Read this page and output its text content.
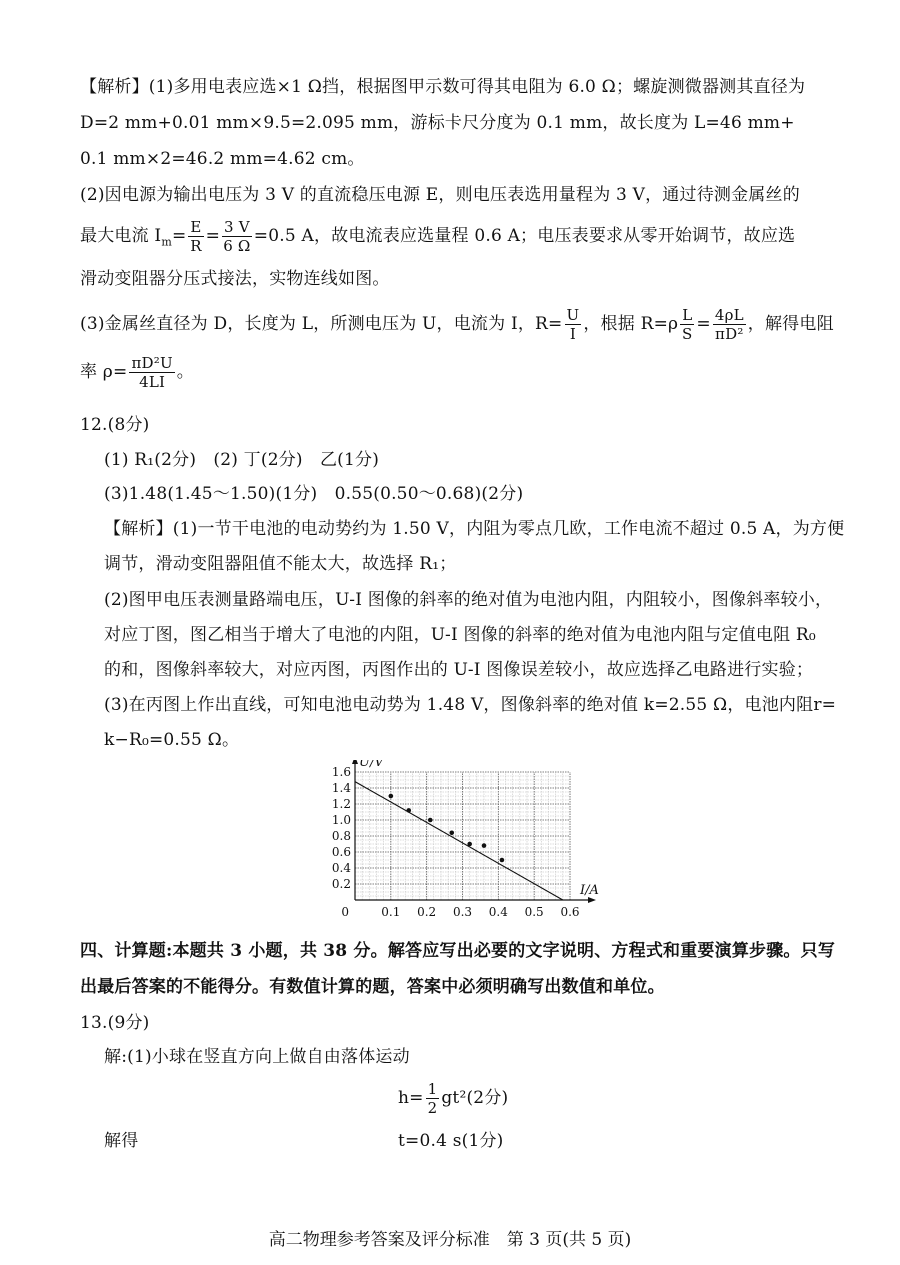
【解析】(1)多用电表应选×1 Ω挡，根据图甲示数可得其电阻为 6.0 Ω；螺旋测微器测其直径为
D=2 mm+0.01 mm×9.5=2.095 mm，游标卡尺分度为 0.1 mm，故长度为 L=46 mm+
0.1 mm×2=46.2 mm=4.62 cm。
(2)因电源为输出电压为 3 V 的直流稳压电源 E，则电压表选用量程为 3 V，通过待测金属丝的
最大电流 $I_m= \frac{E}{R} = \frac{3 V}{6 \Omega} =0.5$ A，故电流表应选量程 0.6 A；电压表要求从零开始调节，故应选
滑动变阻器分压式接法，实物连线如图。
(3)金属丝直径为 D，长度为 L，所测电压为 U，电流为 I，$R= \frac{U}{I}$ ，根据 $R=\rho \frac{L}{S} = \frac{4\rho L}{\text{πD²}}$ ，解得电阻
率 $\rho= \frac{\text{πD²U}}{4LI}$ 。
12.(8分)
(1) R₁(2分)　(2) 丁(2分)　乙(1分)
(3)1.48(1.45～1.50)(1分)　0.55(0.50～0.68)(2分)
【解析】(1)一节干电池的电动势约为 1.50 V，内阻为零点几欧，工作电流不超过 0.5 A，为方便
调节，滑动变阻器阻值不能太大，故选择 R₁；
(2)图甲电压表测量路端电压，U-I 图像的斜率的绝对值为电池内阻，内阻较小，图像斜率较小，
对应丁图，图乙相当于增大了电池的内阻，U-I 图像的斜率的绝对值为电池内阻与定值电阻 R₀
的和，图像斜率较大，对应丙图，丙图作出的 U-I 图像误差较小，故应选择乙电路进行实验；
(3)在丙图上作出直线，可知电池电动势为 1.48 V，图像斜率的绝对值 k=2.55 Ω，电池内阻r=
k−R₀=0.55 Ω。
0.1 0.2 0.3 0.4 0.5 0.6
0.2
0.4
0.6
0.8
1.0
1.2
1.4
1.6
0
I/A
U/V
四、计算题:本题共 3 小题，共 38 分。解答应写出必要的文字说明、方程式和重要演算步骤。只写
出最后答案的不能得分。有数值计算的题，答案中必须明确写出数值和单位。
13.(9分)
解:(1)小球在竖直方向上做自由落体运动
$h= \frac{1}{2} gt^2(2$分)
解得	t=0.4 s(1分)
高二物理参考答案及评分标准　第 3 页(共 5 页)
